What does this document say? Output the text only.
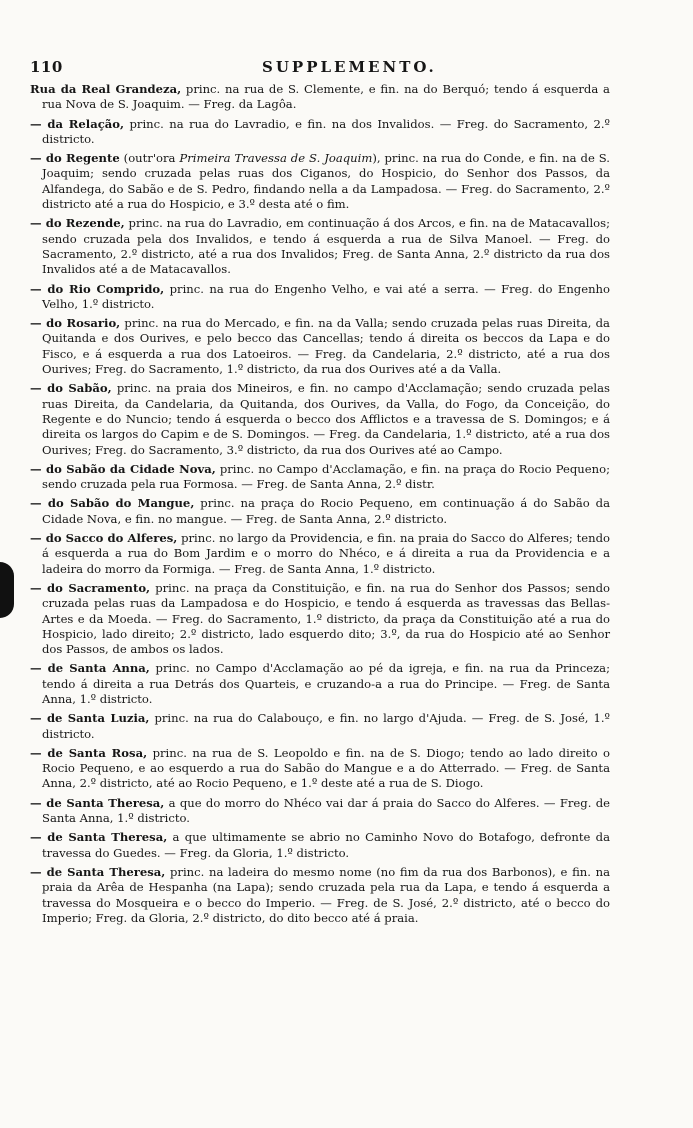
110	SUPPLEMENTO.

Rua da Real Grandeza, princ. na rua de S. Clemente, e fin. na do Berquó; tendo á esquerda a rua Nova de S. Joaquim. — Freg. da Lagôa.

— da Relação, princ. na rua do Lavradio, e fin. na dos Invalidos. — Freg. do Sacramento, 2.º districto.

— do Regente (outr'ora Primeira Travessa de S. Joaquim), princ. na rua do Conde, e fin. na de S. Joaquim; sendo cruzada pelas ruas dos Ciganos, do Hospicio, do Senhor dos Passos, da Alfandega, do Sabão e de S. Pedro, findando nella a da Lampadosa. — Freg. do Sacramento, 2.º districto até a rua do Hospicio, e 3.º desta até o fim.

— do Rezende, princ. na rua do Lavradio, em continuação á dos Arcos, e fin. na de Matacavallos; sendo cruzada pela dos Invalidos, e tendo á esquerda a rua de Silva Manoel. — Freg. do Sacramento, 2.º districto, até a rua dos Invalidos; Freg. de Santa Anna, 2.º districto da rua dos Invalidos até a de Matacavallos.

— do Rio Comprido, princ. na rua do Engenho Velho, e vai até a serra. — Freg. do Engenho Velho, 1.º districto.

— do Rosario, princ. na rua do Mercado, e fin. na da Valla; sendo cruzada pelas ruas Direita, da Quitanda e dos Ourives, e pelo becco das Cancellas; tendo á direita os beccos da Lapa e do Fisco, e á esquerda a rua dos Latoeiros. — Freg. da Candelaria, 2.º districto, até a rua dos Ourives; Freg. do Sacramento, 1.º districto, da rua dos Ourives até a da Valla.

— do Sabão, princ. na praia dos Mineiros, e fin. no campo d'Acclamação; sendo cruzada pelas ruas Direita, da Candelaria, da Quitanda, dos Ourives, da Valla, do Fogo, da Conceição, do Regente e do Nuncio; tendo á esquerda o becco dos Afflictos e a travessa de S. Domingos; e á direita os largos do Capim e de S. Domingos. — Freg. da Candelaria, 1.º districto, até a rua dos Ourives; Freg. do Sacramento, 3.º districto, da rua dos Ourives até ao Campo.

— do Sabão da Cidade Nova, princ. no Campo d'Acclamação, e fin. na praça do Rocio Pequeno; sendo cruzada pela rua Formosa. — Freg. de Santa Anna, 2.º distr.

— do Sabão do Mangue, princ. na praça do Rocio Pequeno, em continuação á do Sabão da Cidade Nova, e fin. no mangue. — Freg. de Santa Anna, 2.º districto.

— do Sacco do Alferes, princ. no largo da Providencia, e fin. na praia do Sacco do Alferes; tendo á esquerda a rua do Bom Jardim e o morro do Nhéco, e á direita a rua da Providencia e a ladeira do morro da Formiga. — Freg. de Santa Anna, 1.º districto.

— do Sacramento, princ. na praça da Constituição, e fin. na rua do Senhor dos Passos; sendo cruzada pelas ruas da Lampadosa e do Hospicio, e tendo á esquerda as travessas das Bellas-Artes e da Moeda. — Freg. do Sacramento, 1.º districto, da praça da Constituição até a rua do Hospicio, lado direito; 2.º districto, lado esquerdo dito; 3.º, da rua do Hospicio até ao Senhor dos Passos, de ambos os lados.

— de Santa Anna, princ. no Campo d'Acclamação ao pé da igreja, e fin. na rua da Princeza; tendo á direita a rua Detrás dos Quarteis, e cruzando-a a rua do Principe. — Freg. de Santa Anna, 1.º districto.

— de Santa Luzia, princ. na rua do Calabouço, e fin. no largo d'Ajuda. — Freg. de S. José, 1.º districto.

— de Santa Rosa, princ. na rua de S. Leopoldo e fin. na de S. Diogo; tendo ao lado direito o Rocio Pequeno, e ao esquerdo a rua do Sabão do Mangue e a do Atterrado. — Freg. de Santa Anna, 2.º districto, até ao Rocio Pequeno, e 1.º deste até a rua de S. Diogo.

— de Santa Theresa, a que do morro do Nhéco vai dar á praia do Sacco do Alferes. — Freg. de Santa Anna, 1.º districto.

— de Santa Theresa, a que ultimamente se abrio no Caminho Novo do Botafogo, defronte da travessa do Guedes. — Freg. da Gloria, 1.º districto.

— de Santa Theresa, princ. na ladeira do mesmo nome (no fim da rua dos Barbonos), e fin. na praia da Arêa de Hespanha (na Lapa); sendo cruzada pela rua da Lapa, e tendo á esquerda a travessa do Mosqueira e o becco do Imperio. — Freg. de S. José, 2.º districto, até o becco do Imperio; Freg. da Gloria, 2.º districto, do dito becco até á praia.
